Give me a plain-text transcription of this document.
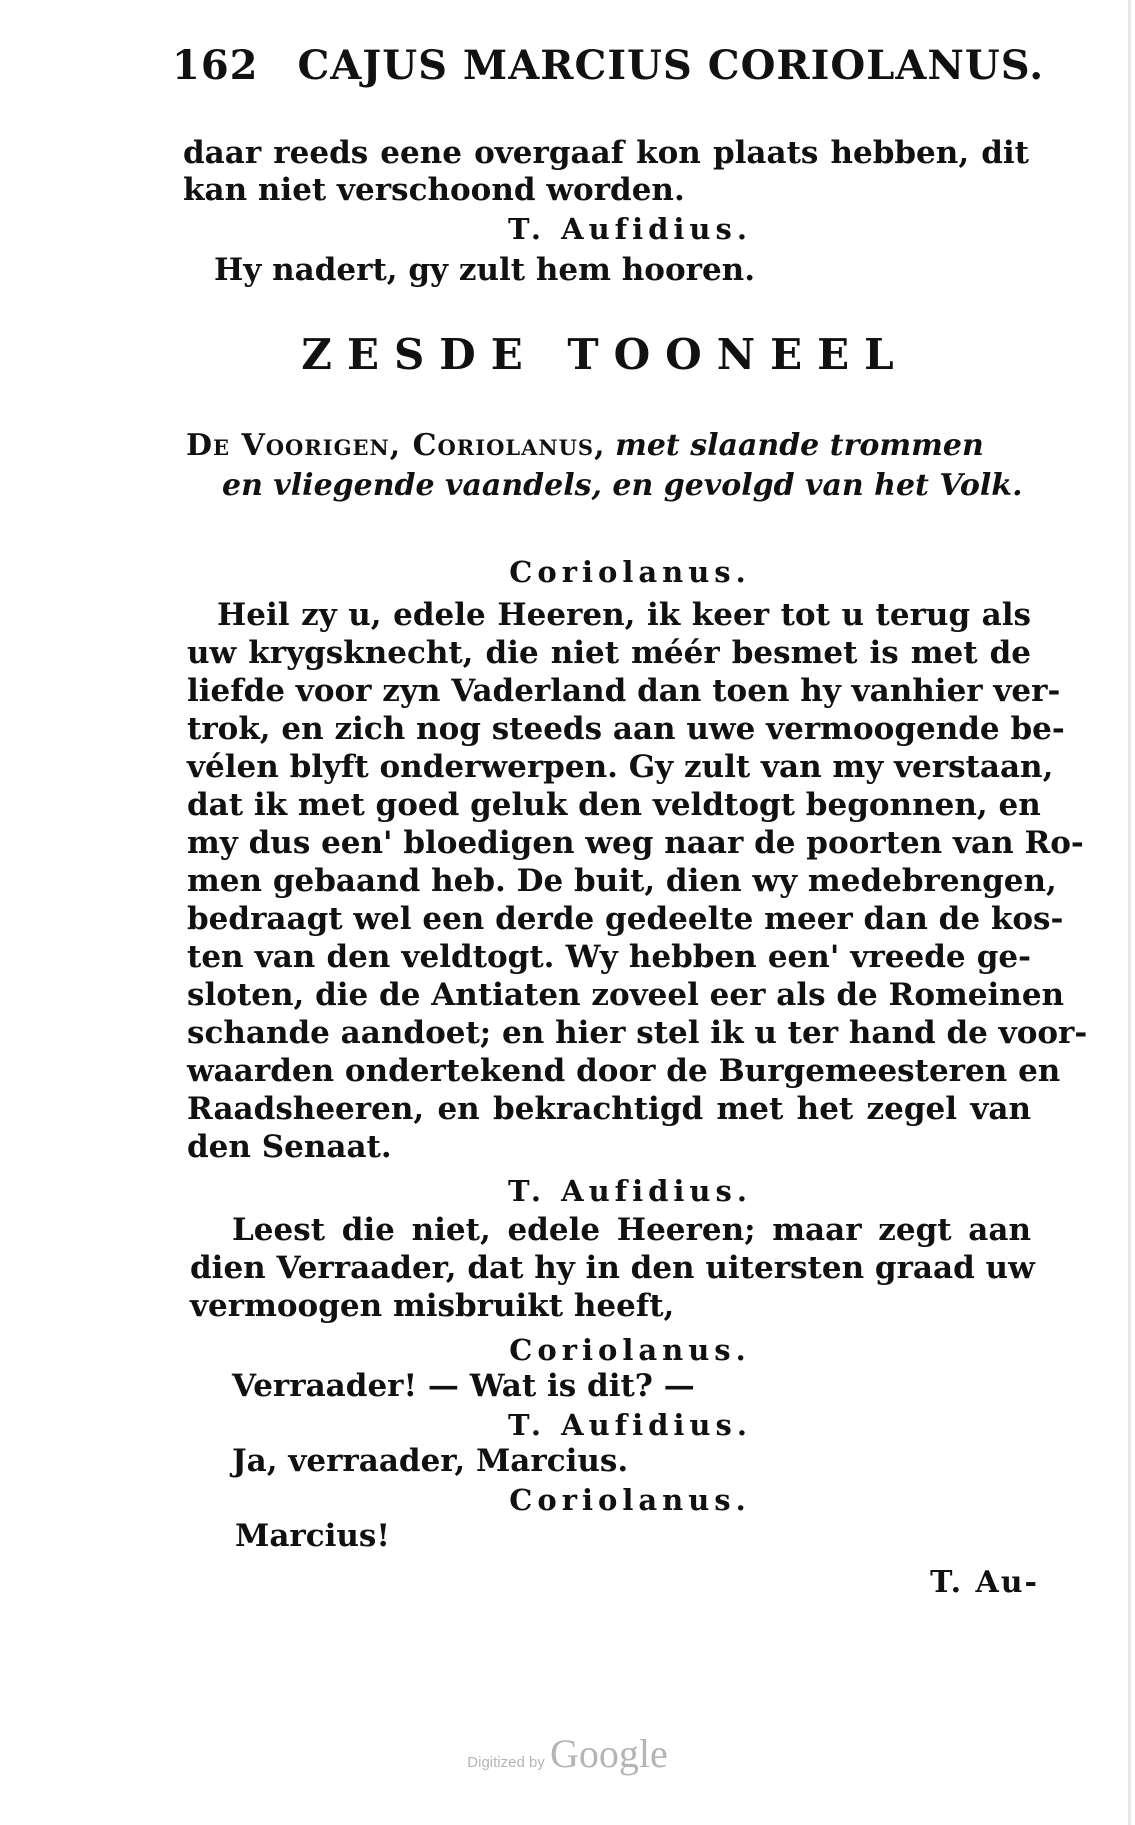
162 CAJUS MARCIUS CORIOLANUS.
daar reeds eene overgaaf kon plaats hebben, dit
kan niet verschoond worden.
T. Aufidius.
Hy nadert, gy zult hem hooren.
ZESDE TOONEEL
De Voorigen, Coriolanus, met slaande trommen
en vliegende vaandels, en gevolgd van het Volk.
Coriolanus.
Heil zy u, edele Heeren, ik keer tot u terug als
uw krygsknecht, die niet méér besmet is met de
liefde voor zyn Vaderland dan toen hy vanhier ver-
trok, en zich nog steeds aan uwe vermoogende be-
vélen blyft onderwerpen. Gy zult van my verstaan,
dat ik met goed geluk den veldtogt begonnen, en
my dus een' bloedigen weg naar de poorten van Ro-
men gebaand heb. De buit, dien wy medebrengen,
bedraagt wel een derde gedeelte meer dan de kos-
ten van den veldtogt. Wy hebben een' vreede ge-
sloten, die de Antiaten zoveel eer als de Romeinen
schande aandoet; en hier stel ik u ter hand de voor-
waarden ondertekend door de Burgemeesteren en
Raadsheeren, en bekrachtigd met het zegel van
den Senaat.
T. Aufidius.
Leest die niet, edele Heeren; maar zegt aan
dien Verraader, dat hy in den uitersten graad uw
vermoogen misbruikt heeft,
Coriolanus.
Verraader! — Wat is dit? —
T. Aufidius.
Ja, verraader, Marcius.
Coriolanus.
Marcius!
T. Au-
Digitized by Google
